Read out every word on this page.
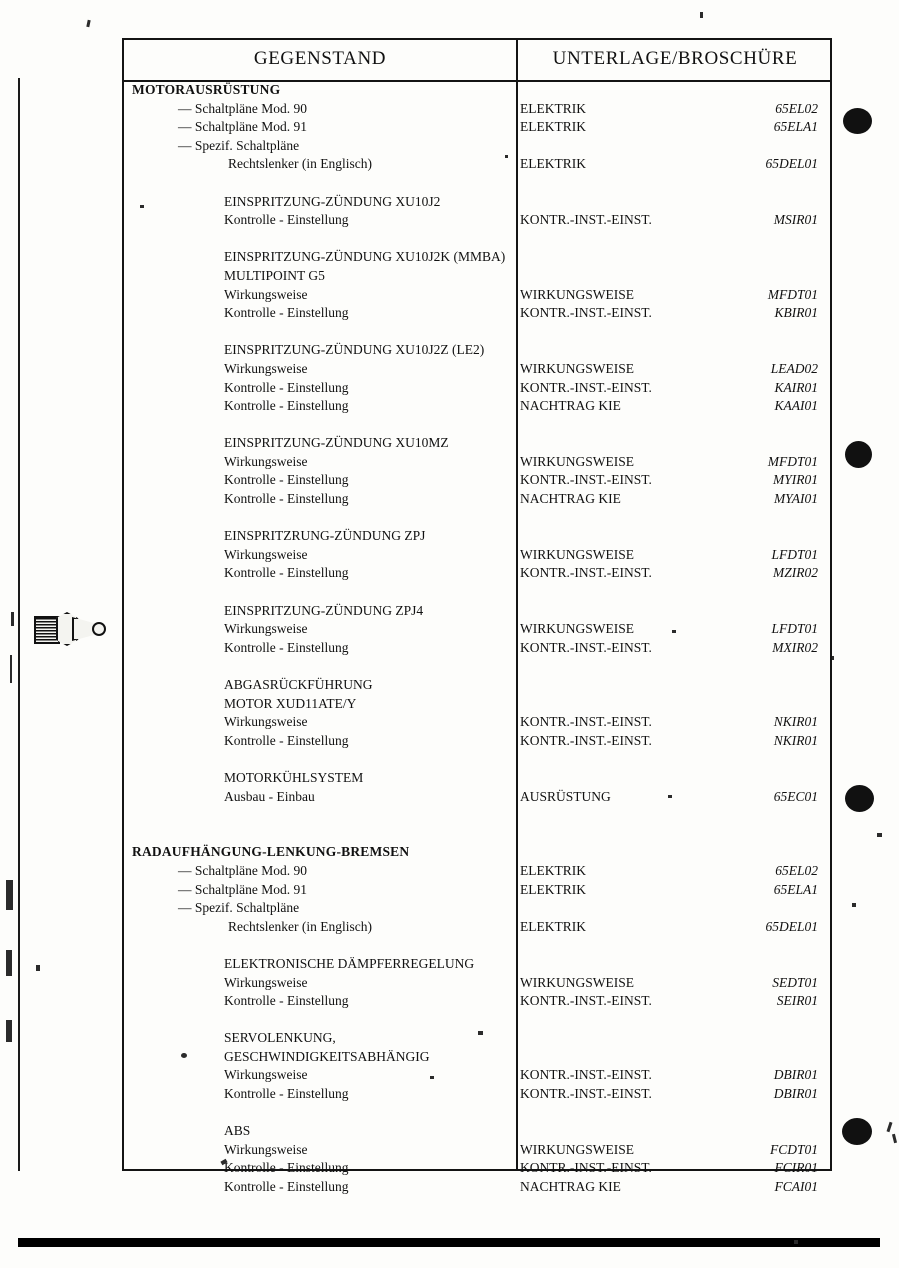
GEGENSTAND	UNTERLAGE/BROSCHÜRE
MOTORAUSRÜSTUNG
— Schaltpläne Mod. 90	ELEKTRIK	65EL02
— Schaltpläne Mod. 91	ELEKTRIK	65ELA1
— Spezif. Schaltpläne
Rechtslenker (in Englisch)	ELEKTRIK	65DEL01
EINSPRITZUNG-ZÜNDUNG XU10J2
Kontrolle - Einstellung	KONTR.-INST.-EINST.	MSIR01
EINSPRITZUNG-ZÜNDUNG XU10J2K (MMBA)
MULTIPOINT G5
Wirkungsweise	WIRKUNGSWEISE	MFDT01
Kontrolle - Einstellung	KONTR.-INST.-EINST.	KBIR01
EINSPRITZUNG-ZÜNDUNG XU10J2Z (LE2)
Wirkungsweise	WIRKUNGSWEISE	LEAD02
Kontrolle - Einstellung	KONTR.-INST.-EINST.	KAIR01
Kontrolle - Einstellung	NACHTRAG KIE	KAAI01
EINSPRITZUNG-ZÜNDUNG XU10MZ
Wirkungsweise	WIRKUNGSWEISE	MFDT01
Kontrolle - Einstellung	KONTR.-INST.-EINST.	MYIR01
Kontrolle - Einstellung	NACHTRAG KIE	MYAI01
EINSPRITZRUNG-ZÜNDUNG ZPJ
Wirkungsweise	WIRKUNGSWEISE	LFDT01
Kontrolle - Einstellung	KONTR.-INST.-EINST.	MZIR02
EINSPRITZUNG-ZÜNDUNG ZPJ4
Wirkungsweise	WIRKUNGSWEISE	LFDT01
Kontrolle - Einstellung	KONTR.-INST.-EINST.	MXIR02
ABGASRÜCKFÜHRUNG
MOTOR XUD11ATE/Y
Wirkungsweise	KONTR.-INST.-EINST.	NKIR01
Kontrolle - Einstellung	KONTR.-INST.-EINST.	NKIR01
MOTORKÜHLSYSTEM
Ausbau - Einbau	AUSRÜSTUNG	65EC01
RADAUFHÄNGUNG-LENKUNG-BREMSEN
— Schaltpläne Mod. 90	ELEKTRIK	65EL02
— Schaltpläne Mod. 91	ELEKTRIK	65ELA1
— Spezif. Schaltpläne
Rechtslenker (in Englisch)	ELEKTRIK	65DEL01
ELEKTRONISCHE DÄMPFERREGELUNG
Wirkungsweise	WIRKUNGSWEISE	SEDT01
Kontrolle - Einstellung	KONTR.-INST.-EINST.	SEIR01
SERVOLENKUNG,
GESCHWINDIGKEITSABHÄNGIG
Wirkungsweise	KONTR.-INST.-EINST.	DBIR01
Kontrolle - Einstellung	KONTR.-INST.-EINST.	DBIR01
ABS
Wirkungsweise	WIRKUNGSWEISE	FCDT01
Kontrolle - Einstellung	KONTR.-INST.-EINST.	FCIR01
Kontrolle - Einstellung	NACHTRAG KIE	FCAI01
